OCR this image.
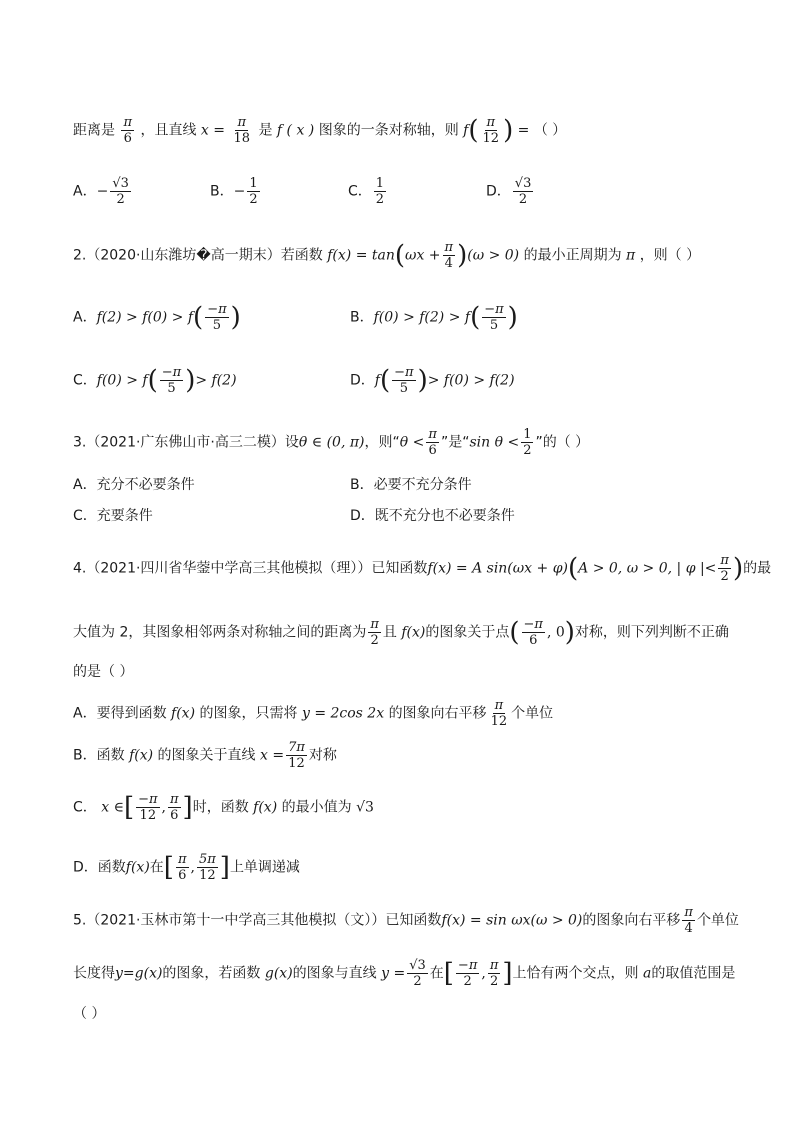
距离是 $\frac{\pi}{6}$ ，且直线 $x = \frac{\pi}{18}$ 是 f ( x ) 图象的一条对称轴，则 $f( \frac{\pi}{12}$ ) = （ ）
A．− $\frac{√3}{2}$	B．− $\frac{1}{2}$	C． $\frac{1}{2}$	D． $\frac{√3}{2}$
2.（2020·山东潍坊�高一期末）若函数 $f(x) = \tan(\omega x + \frac{\pi}{4} )(\omega > 0)$ 的最小正周期为 π ，则（ ）
A．$f(2) > f(0) > f( \frac{-\pi}{5}$ )	B．$f(0) > f(2) > f( \frac{-\pi}{5}$ )
C．$f(0) > f( \frac{-\pi}{5}$ )> f(2)	D．$f( \frac{-\pi}{5}$ )> f(0) > f(2)
3.（2021·广东佛山市·高三二模）设θ ∈ (0, π)，则“$\theta < \frac{\pi}{6}$ ”是“sin $\theta < \frac{1}{2}$ ”的（ ）
A．充分不必要条件	B．必要不充分条件
C．充要条件	D．既不充分也不必要条件
4.（2021·四川省华蓥中学高三其他模拟（理））已知函数f(x) = A sin(ωx + φ)(A > 0, ω > 0, | φ |< $\frac{\pi}{2}$ )的最
大值为 2，其图象相邻两条对称轴之间的距离为 $\frac{\pi}{2}$ 且 f(x)的图象关于点( $\frac{-\pi}{6}$ , 0)对称，则下列判断不正确
的是（ ）
A．要得到函数 f(x) 的图象，只需将 y = 2cos 2x 的图象向右平移 $\frac{\pi}{12}$ 个单位
B．函数 f(x) 的图象关于直线 $x = \frac{7\pi}{12}$ 对称
C． x ∈[ $\frac{-\pi}{12}$ , $\frac{\pi}{6}$ ]时，函数 f(x) 的最小值为 √3
D．函数f(x)在[ $\frac{\pi}{6}$ , $\frac{5\pi}{12}$ ]上单调递减
5.（2021·玉林市第十一中学高三其他模拟（文））已知函数f(x) = sin ωx(ω > 0)的图象向右平移 $\frac{\pi}{4}$ 个单位
长度得y=g(x)的图象，若函数 g(x)的图象与直线 $y = \frac{√3}{2}$ 在[ $\frac{-\pi}{2}$ , $\frac{\pi}{2}$ ]上恰有两个交点，则 a的取值范围是
（ ）
